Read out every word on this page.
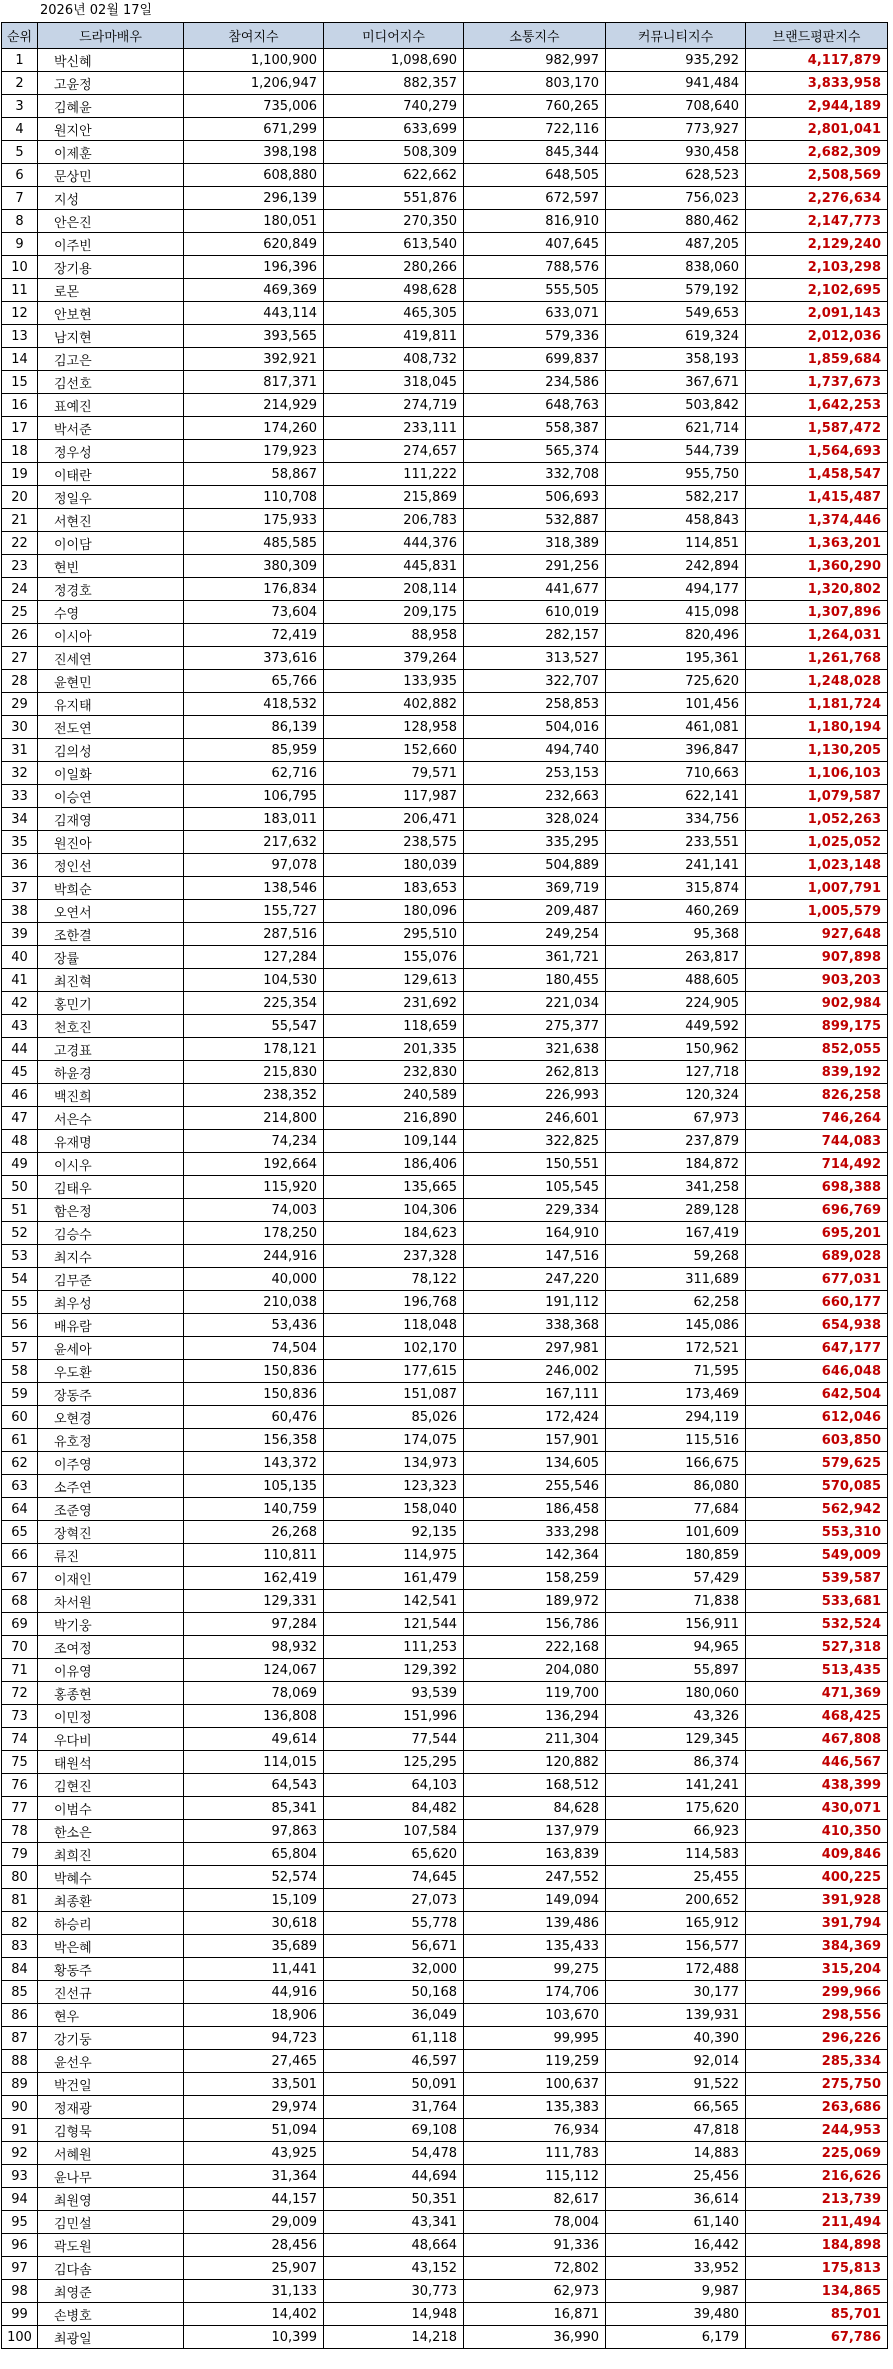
2026년 02월 17일
순위	드라마배우	참여지수	미디어지수	소통지수	커뮤니티지수	브랜드평판지수
1	박신혜	1,100,900	1,098,690	982,997	935,292	4,117,879
2	고윤정	1,206,947	882,357	803,170	941,484	3,833,958
3	김혜윤	735,006	740,279	760,265	708,640	2,944,189
4	원지안	671,299	633,699	722,116	773,927	2,801,041
5	이제훈	398,198	508,309	845,344	930,458	2,682,309
6	문상민	608,880	622,662	648,505	628,523	2,508,569
7	지성	296,139	551,876	672,597	756,023	2,276,634
8	안은진	180,051	270,350	816,910	880,462	2,147,773
9	이주빈	620,849	613,540	407,645	487,205	2,129,240
10	장기용	196,396	280,266	788,576	838,060	2,103,298
11	로몬	469,369	498,628	555,505	579,192	2,102,695
12	안보현	443,114	465,305	633,071	549,653	2,091,143
13	남지현	393,565	419,811	579,336	619,324	2,012,036
14	김고은	392,921	408,732	699,837	358,193	1,859,684
15	김선호	817,371	318,045	234,586	367,671	1,737,673
16	표예진	214,929	274,719	648,763	503,842	1,642,253
17	박서준	174,260	233,111	558,387	621,714	1,587,472
18	정우성	179,923	274,657	565,374	544,739	1,564,693
19	이태란	58,867	111,222	332,708	955,750	1,458,547
20	정일우	110,708	215,869	506,693	582,217	1,415,487
21	서현진	175,933	206,783	532,887	458,843	1,374,446
22	이이담	485,585	444,376	318,389	114,851	1,363,201
23	현빈	380,309	445,831	291,256	242,894	1,360,290
24	정경호	176,834	208,114	441,677	494,177	1,320,802
25	수영	73,604	209,175	610,019	415,098	1,307,896
26	이시아	72,419	88,958	282,157	820,496	1,264,031
27	진세연	373,616	379,264	313,527	195,361	1,261,768
28	윤현민	65,766	133,935	322,707	725,620	1,248,028
29	유지태	418,532	402,882	258,853	101,456	1,181,724
30	전도연	86,139	128,958	504,016	461,081	1,180,194
31	김의성	85,959	152,660	494,740	396,847	1,130,205
32	이일화	62,716	79,571	253,153	710,663	1,106,103
33	이승연	106,795	117,987	232,663	622,141	1,079,587
34	김재영	183,011	206,471	328,024	334,756	1,052,263
35	원진아	217,632	238,575	335,295	233,551	1,025,052
36	정인선	97,078	180,039	504,889	241,141	1,023,148
37	박희순	138,546	183,653	369,719	315,874	1,007,791
38	오연서	155,727	180,096	209,487	460,269	1,005,579
39	조한결	287,516	295,510	249,254	95,368	927,648
40	장률	127,284	155,076	361,721	263,817	907,898
41	최진혁	104,530	129,613	180,455	488,605	903,203
42	홍민기	225,354	231,692	221,034	224,905	902,984
43	천호진	55,547	118,659	275,377	449,592	899,175
44	고경표	178,121	201,335	321,638	150,962	852,055
45	하윤경	215,830	232,830	262,813	127,718	839,192
46	백진희	238,352	240,589	226,993	120,324	826,258
47	서은수	214,800	216,890	246,601	67,973	746,264
48	유재명	74,234	109,144	322,825	237,879	744,083
49	이시우	192,664	186,406	150,551	184,872	714,492
50	김태우	115,920	135,665	105,545	341,258	698,388
51	함은정	74,003	104,306	229,334	289,128	696,769
52	김승수	178,250	184,623	164,910	167,419	695,201
53	최지수	244,916	237,328	147,516	59,268	689,028
54	김무준	40,000	78,122	247,220	311,689	677,031
55	최우성	210,038	196,768	191,112	62,258	660,177
56	배유람	53,436	118,048	338,368	145,086	654,938
57	윤세아	74,504	102,170	297,981	172,521	647,177
58	우도환	150,836	177,615	246,002	71,595	646,048
59	장동주	150,836	151,087	167,111	173,469	642,504
60	오현경	60,476	85,026	172,424	294,119	612,046
61	유호정	156,358	174,075	157,901	115,516	603,850
62	이주영	143,372	134,973	134,605	166,675	579,625
63	소주연	105,135	123,323	255,546	86,080	570,085
64	조준영	140,759	158,040	186,458	77,684	562,942
65	장혁진	26,268	92,135	333,298	101,609	553,310
66	류진	110,811	114,975	142,364	180,859	549,009
67	이재인	162,419	161,479	158,259	57,429	539,587
68	차서원	129,331	142,541	189,972	71,838	533,681
69	박기웅	97,284	121,544	156,786	156,911	532,524
70	조여정	98,932	111,253	222,168	94,965	527,318
71	이유영	124,067	129,392	204,080	55,897	513,435
72	홍종현	78,069	93,539	119,700	180,060	471,369
73	이민정	136,808	151,996	136,294	43,326	468,425
74	우다비	49,614	77,544	211,304	129,345	467,808
75	태원석	114,015	125,295	120,882	86,374	446,567
76	김현진	64,543	64,103	168,512	141,241	438,399
77	이범수	85,341	84,482	84,628	175,620	430,071
78	한소은	97,863	107,584	137,979	66,923	410,350
79	최희진	65,804	65,620	163,839	114,583	409,846
80	박혜수	52,574	74,645	247,552	25,455	400,225
81	최종환	15,109	27,073	149,094	200,652	391,928
82	하승리	30,618	55,778	139,486	165,912	391,794
83	박은혜	35,689	56,671	135,433	156,577	384,369
84	황동주	11,441	32,000	99,275	172,488	315,204
85	진선규	44,916	50,168	174,706	30,177	299,966
86	현우	18,906	36,049	103,670	139,931	298,556
87	강기둥	94,723	61,118	99,995	40,390	296,226
88	윤선우	27,465	46,597	119,259	92,014	285,334
89	박건일	33,501	50,091	100,637	91,522	275,750
90	정재광	29,974	31,764	135,383	66,565	263,686
91	김형묵	51,094	69,108	76,934	47,818	244,953
92	서혜원	43,925	54,478	111,783	14,883	225,069
93	윤나무	31,364	44,694	115,112	25,456	216,626
94	최원영	44,157	50,351	82,617	36,614	213,739
95	김민설	29,009	43,341	78,004	61,140	211,494
96	곽도원	28,456	48,664	91,336	16,442	184,898
97	김다솜	25,907	43,152	72,802	33,952	175,813
98	최영준	31,133	30,773	62,973	9,987	134,865
99	손병호	14,402	14,948	16,871	39,480	85,701
100	최광일	10,399	14,218	36,990	6,179	67,786
